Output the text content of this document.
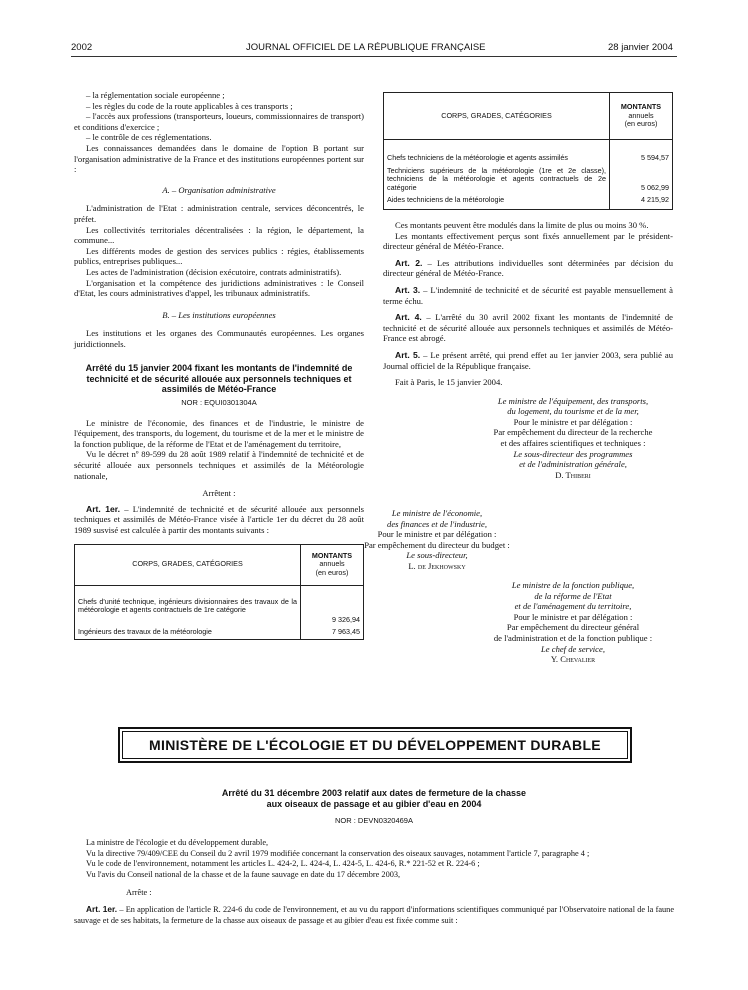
2002	JOURNAL OFFICIEL DE LA RÉPUBLIQUE FRANÇAISE	28 janvier 2004

– la réglementation sociale européenne ;

– les règles du code de la route applicables à ces transports ;

– l'accès aux professions (transporteurs, loueurs, commissionnaires de transport) et conditions d'exercice ;

– le contrôle de ces réglementations.

Les connaissances demandées dans le domaine de l'option B portant sur l'organisation administrative de la France et des institutions européennes portent sur :

A. – Organisation administrative

L'administration de l'Etat : administration centrale, services déconcentrés, le préfet.

Les collectivités territoriales décentralisées : la région, le département, la commune...

Les différents modes de gestion des services publics : régies, établissements publics, entreprises publiques...

Les actes de l'administration (décision exécutoire, contrats administratifs).

L'organisation et la compétence des juridictions administratives : le Conseil d'Etat, les cours administratives d'appel, les tribunaux administratifs.

B. – Les institutions européennes

Les institutions et les organes des Communautés européennes. Les organes juridictionnels.

Arrêté du 15 janvier 2004 fixant les montants de l'indemnité de technicité et de sécurité allouée aux personnels techniques et assimilés de Météo-France

NOR : EQUI0301304A

Le ministre de l'économie, des finances et de l'industrie, le ministre de l'équipement, des transports, du logement, du tourisme et de la mer et le ministre de la fonction publique, de la réforme de l'Etat et de l'aménagement du territoire,

Vu le décret nº 89-599 du 28 août 1989 relatif à l'indemnité de technicité et de sécurité allouée aux personnels techniques et assimilés de la Météorologie nationale,

Arrêtent :

Art. 1er. – L'indemnité de technicité et de sécurité allouée aux personnels techniques et assimilés de Météo-France visée à l'article 1er du décret du 28 août 1989 susvisé est calculée à partir des montants suivants :

CORPS, GRADES, CATÉGORIES	MONTANTS
annuels
(en euros)

Chefs d'unité technique, ingénieurs divisionnaires des travaux de la météorologie et agents contractuels de 1re catégorie	9 326,94
Ingénieurs des travaux de la météorologie	7 963,45
CORPS, GRADES, CATÉGORIES	MONTANTS
annuels
(en euros)

Chefs techniciens de la météorologie et agents assimilés	5 594,57
Techniciens supérieurs de la météorologie (1re et 2e classe), techniciens de la météorologie et agents contractuels de 2e catégorie	5 062,99
Aides techniciens de la météorologie	4 215,92

Ces montants peuvent être modulés dans la limite de plus ou moins 30 %.

Les montants effectivement perçus sont fixés annuellement par le président-directeur général de Météo-France.

Art. 2. – Les attributions individuelles sont déterminées par décision du directeur général de Météo-France.

Art. 3. – L'indemnité de technicité et de sécurité est payable mensuellement à terme échu.

Art. 4. – L'arrêté du 30 avril 2002 fixant les montants de l'indemnité de technicité et de sécurité allouée aux personnels techniques et assimilés de Météo-France est abrogé.

Art. 5. – Le présent arrêté, qui prend effet au 1er janvier 2003, sera publié au Journal officiel de la République française.

Fait à Paris, le 15 janvier 2004.

Le ministre de l'équipement, des transports,
du logement, du tourisme et de la mer,
Pour le ministre et par délégation :
Par empêchement du directeur de la recherche
et des affaires scientifiques et techniques :
Le sous-directeur des programmes
et de l'administration générale,
D. Thiberi
Le ministre de l'économie,
des finances et de l'industrie,
Pour le ministre et par délégation :
Par empêchement du directeur du budget :
Le sous-directeur,
L. de Jekhowsky
Le ministre de la fonction publique,
de la réforme de l'Etat
et de l'aménagement du territoire,
Pour le ministre et par délégation :
Par empêchement du directeur général
de l'administration et de la fonction publique :
Le chef de service,
Y. Chevalier
MINISTÈRE DE L'ÉCOLOGIE ET DU DÉVELOPPEMENT DURABLE
Arrêté du 31 décembre 2003 relatif aux dates de fermeture de la chasse
aux oiseaux de passage et au gibier d'eau en 2004
NOR : DEVN0320469A

La ministre de l'écologie et du développement durable,

Vu la directive 79/409/CEE du Conseil du 2 avril 1979 modifiée concernant la conservation des oiseaux sauvages, notamment l'article 7, paragraphe 4 ;

Vu le code de l'environnement, notamment les articles L. 424-2, L. 424-4, L. 424-5, L. 424-6, R.* 221-52 et R. 224-6 ;

Vu l'avis du Conseil national de la chasse et de la faune sauvage en date du 17 décembre 2003,

Arrête :

Art. 1er. – En application de l'article R. 224-6 du code de l'environnement, et au vu du rapport d'informations scientifiques communiqué par l'Observatoire national de la faune sauvage et de ses habitats, la fermeture de la chasse aux oiseaux de passage et au gibier d'eau est fixée comme suit :
